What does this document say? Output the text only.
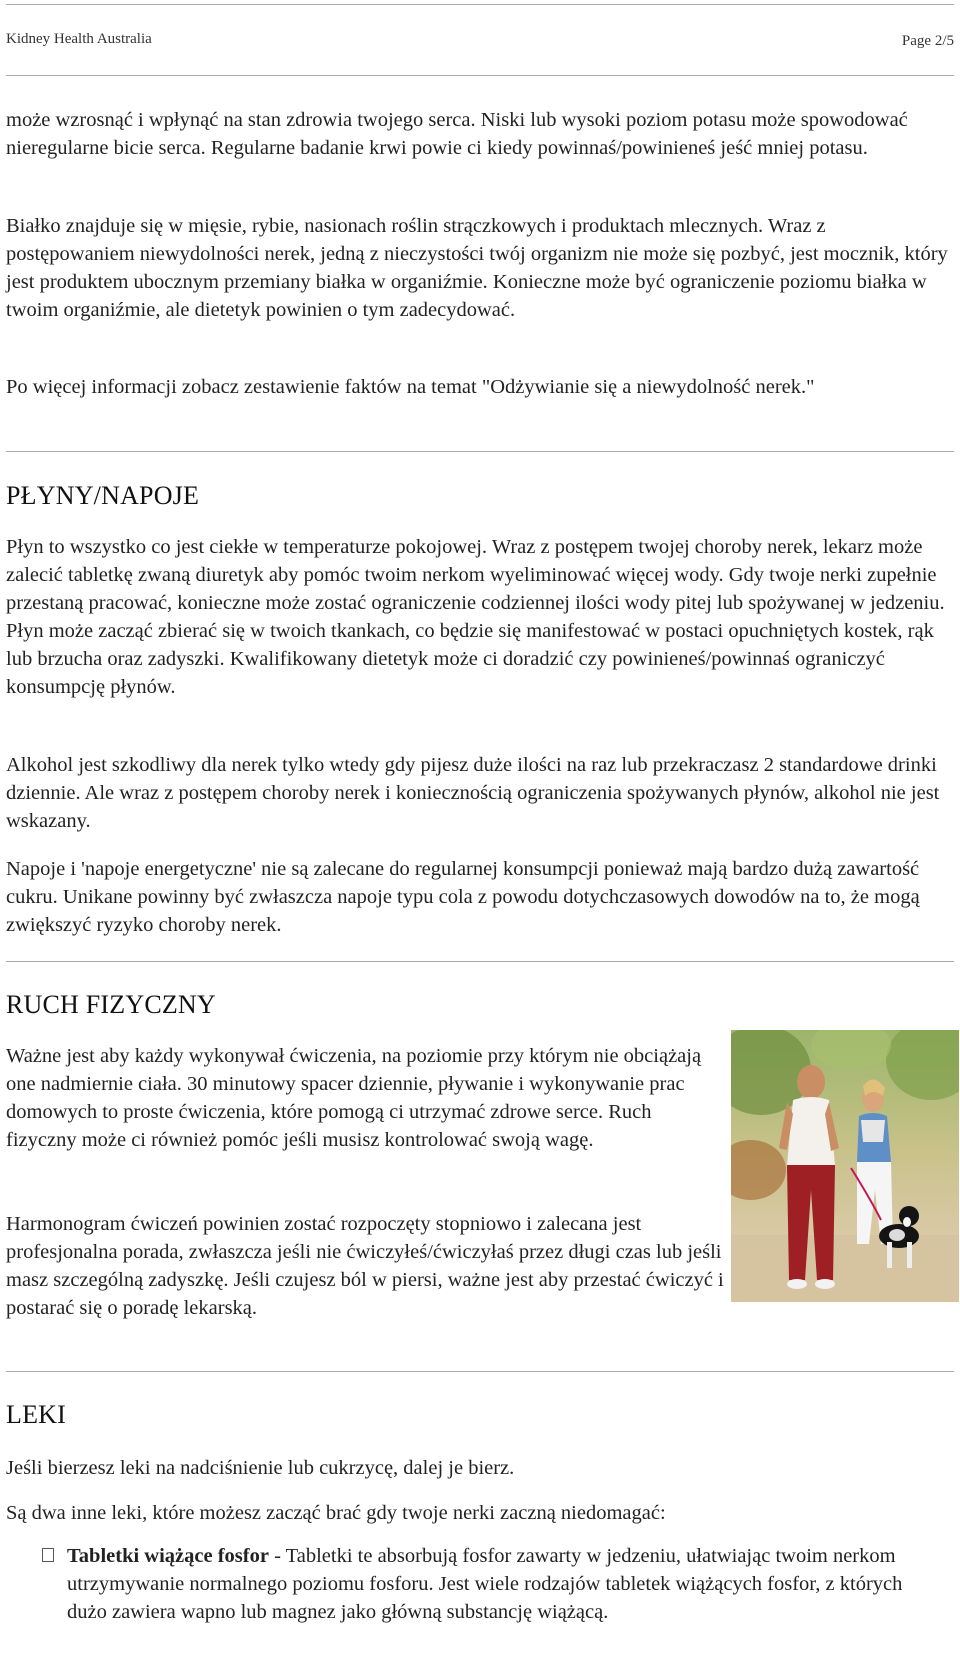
Kidney Health Australia	Page 2/5

może wzrosnąć i wpłynąć na stan zdrowia twojego serca. Niski lub wysoki poziom potasu może spowodować nieregularne bicie serca. Regularne badanie krwi powie ci kiedy powinnaś/powinieneś jeść mniej potasu.

Białko znajduje się w mięsie, rybie, nasionach roślin strączkowych i produktach mlecznych. Wraz z postępowaniem niewydolności nerek, jedną z nieczystości twój organizm nie może się pozbyć, jest mocznik, który jest produktem ubocznym przemiany białka w organiźmie. Konieczne może być ograniczenie poziomu białka w twoim organiźmie, ale dietetyk powinien o tym zadecydować.

Po więcej informacji zobacz zestawienie faktów na temat "Odżywianie się a niewydolność nerek."

PŁYNY/NAPOJE

Płyn to wszystko co jest ciekłe w temperaturze pokojowej. Wraz z postępem twojej choroby nerek, lekarz może zalecić tabletkę zwaną diuretyk aby pomóc twoim nerkom wyeliminować więcej wody. Gdy twoje nerki zupełnie przestaną pracować, konieczne może zostać ograniczenie codziennej ilości wody pitej lub spożywanej w jedzeniu. Płyn może zacząć zbierać się w twoich tkankach, co będzie się manifestować w postaci opuchniętych kostek, rąk lub brzucha oraz zadyszki. Kwalifikowany dietetyk może ci doradzić czy powinieneś/powinnaś ograniczyć konsumpcję płynów.

Alkohol jest szkodliwy dla nerek tylko wtedy gdy pijesz duże ilości na raz lub przekraczasz 2 standardowe drinki dziennie. Ale wraz z postępem choroby nerek i koniecznością ograniczenia spożywanych płynów, alkohol nie jest wskazany.

Napoje i 'napoje energetyczne' nie są zalecane do regularnej konsumpcji ponieważ mają bardzo dużą zawartość cukru. Unikane powinny być zwłaszcza napoje typu cola z powodu dotychczasowych dowodów na to, że mogą zwiększyć ryzyko choroby nerek.

RUCH FIZYCZNY

Ważne jest aby każdy wykonywał ćwiczenia, na poziomie przy którym nie obciążają one nadmiernie ciała. 30 minutowy spacer dziennie, pływanie i wykonywanie prac domowych to proste ćwiczenia, które pomogą ci utrzymać zdrowe serce. Ruch fizyczny może ci również pomóc jeśli musisz kontrolować swoją wagę.

Harmonogram ćwiczeń powinien zostać rozpoczęty stopniowo i zalecana jest profesjonalna porada, zwłaszcza jeśli nie ćwiczyłeś/ćwiczyłaś przez długi czas lub jeśli masz szczególną zadyszkę. Jeśli czujesz ból w piersi, ważne jest aby przestać ćwiczyć i postarać się o poradę lekarską.

LEKI

Jeśli bierzesz leki na nadciśnienie lub cukrzycę, dalej je bierz.

Są dwa inne leki, które możesz zacząć brać gdy twoje nerki zaczną niedomagać:

Tabletki wiążące fosfor - Tabletki te absorbują fosfor zawarty w jedzeniu, ułatwiając twoim nerkom utrzymywanie normalnego poziomu fosforu. Jest wiele rodzajów tabletek wiążących fosfor, z których dużo zawiera wapno lub magnez jako główną substancję wiążącą.
